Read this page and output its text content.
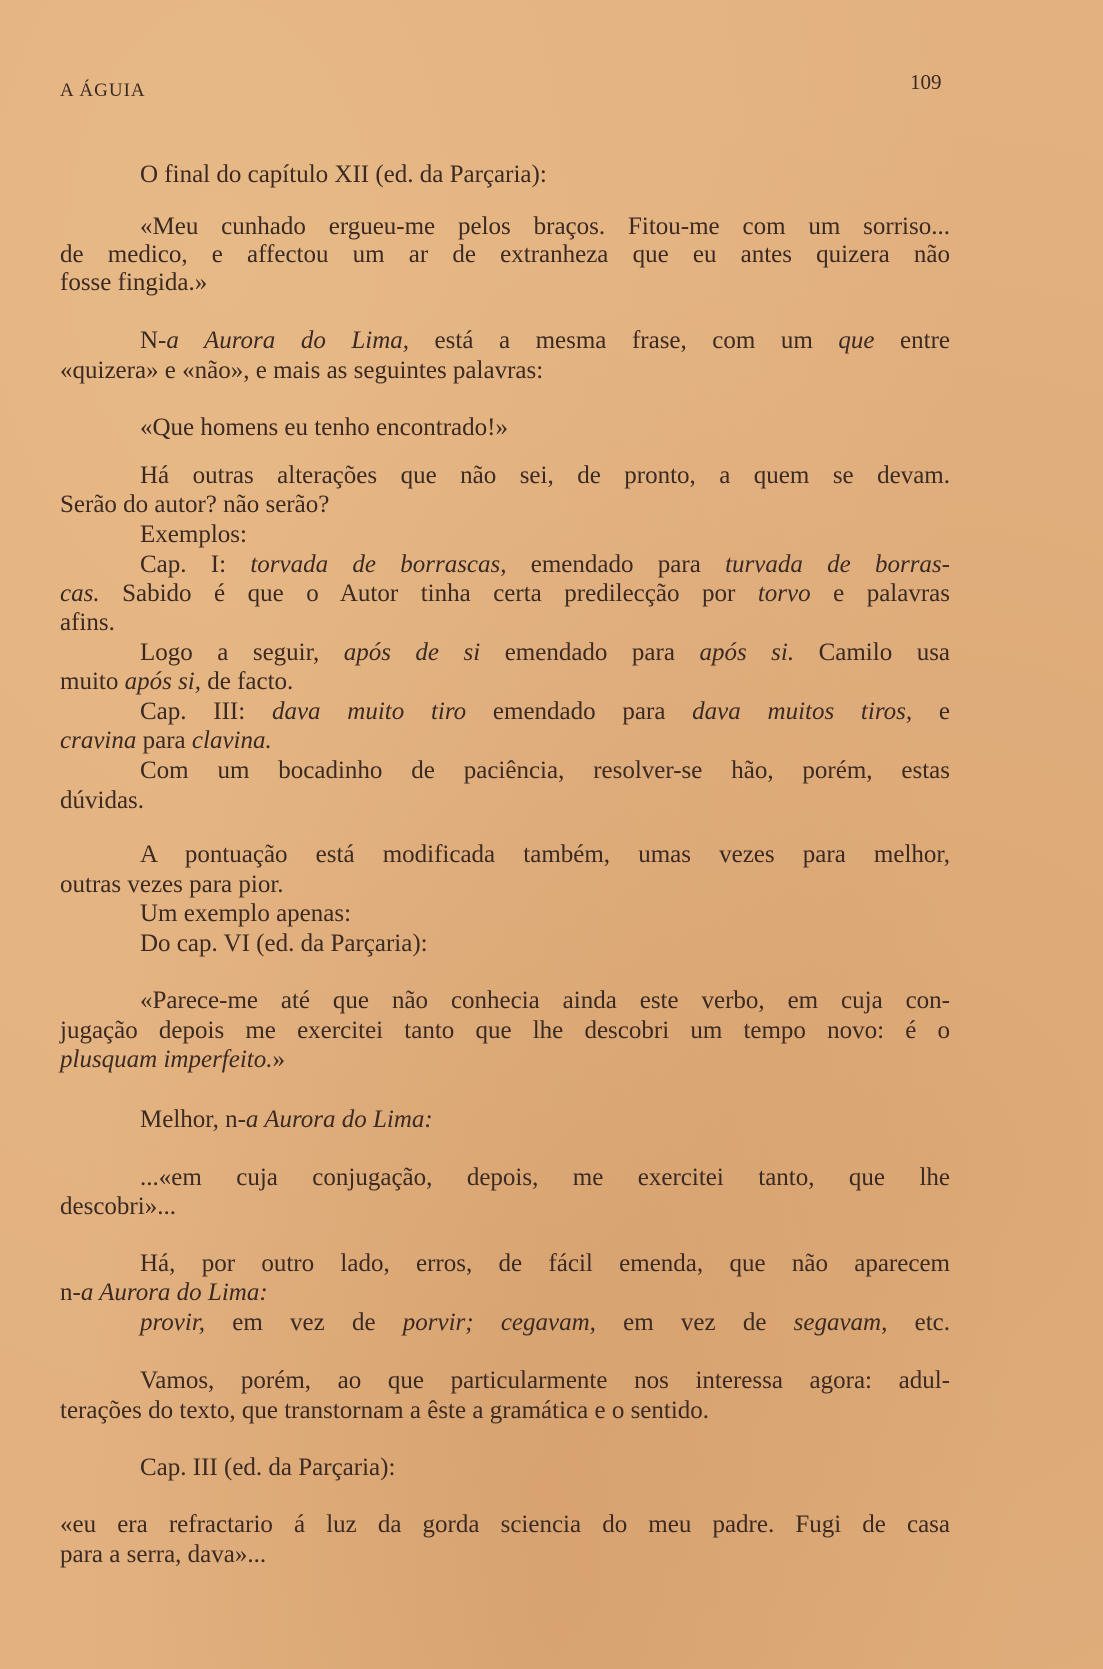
A ÁGUIA	109
O final do capítulo XII (ed. da Parçaria):
«Meu cunhado ergueu-me pelos braços. Fitou-me com um sorriso...
de medico, e affectou um ar de extranheza que eu antes quizera não
fosse fingida.»
N-a Aurora do Lima, está a mesma frase, com um que entre
«quizera» e «não», e mais as seguintes palavras:
«Que homens eu tenho encontrado!»
Há outras alterações que não sei, de pronto, a quem se devam.
Serão do autor? não serão?
Exemplos:
Cap. I: torvada de borrascas, emendado para turvada de borras-
cas. Sabido é que o Autor tinha certa predilecção por torvo e palavras
afins.
Logo a seguir, após de si emendado para após si. Camilo usa
muito após si, de facto.
Cap. III: dava muito tiro emendado para dava muitos tiros, e
cravina para clavina.
Com um bocadinho de paciência, resolver-se hão, porém, estas
dúvidas.
A pontuação está modificada também, umas vezes para melhor,
outras vezes para pior.
Um exemplo apenas:
Do cap. VI (ed. da Parçaria):
«Parece-me até que não conhecia ainda este verbo, em cuja con-
jugação depois me exercitei tanto que lhe descobri um tempo novo: é o
plusquam imperfeito.»
Melhor, n-a Aurora do Lima:
...«em cuja conjugação, depois, me exercitei tanto, que lhe
descobri»...
Há, por outro lado, erros, de fácil emenda, que não aparecem
n-a Aurora do Lima:
provir, em vez de porvir; cegavam, em vez de segavam, etc.
Vamos, porém, ao que particularmente nos interessa agora: adul-
terações do texto, que transtornam a êste a gramática e o sentido.
Cap. III (ed. da Parçaria):
«eu era refractario á luz da gorda sciencia do meu padre. Fugi de casa
para a serra, dava»...
